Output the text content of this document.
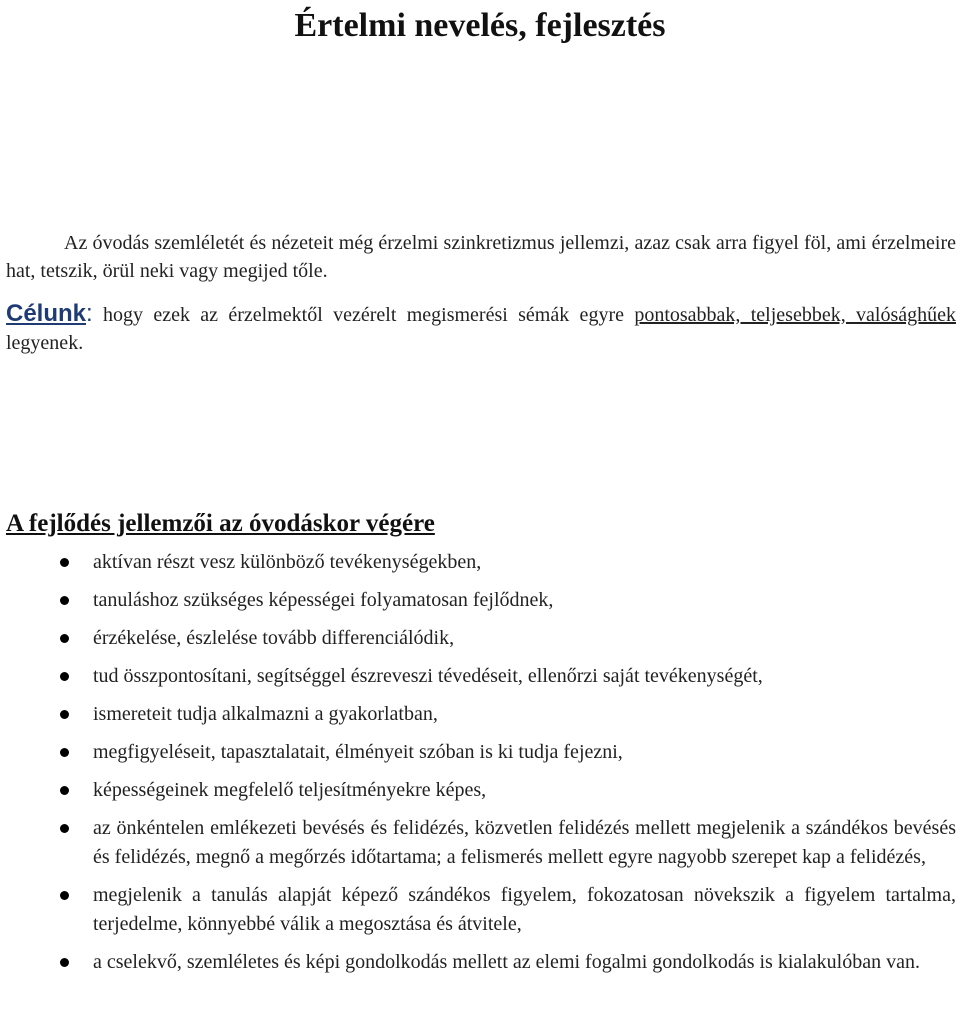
Értelmi nevelés, fejlesztés

Az óvodás szemléletét és nézeteit még érzelmi szinkretizmus jellemzi, azaz csak arra figyel föl, ami érzelmeire hat, tetszik, örül neki vagy megijed tőle.

Célunk: hogy ezek az érzelmektől vezérelt megismerési sémák egyre pontosabbak, teljesebbek, valósághűek legyenek.

A fejlődés jellemzői az óvodáskor végére
aktívan részt vesz különböző tevékenységekben,
tanuláshoz szükséges képességei folyamatosan fejlődnek,
érzékelése, észlelése tovább differenciálódik,
tud összpontosítani, segítséggel észreveszi tévedéseit, ellenőrzi saját tevékenységét,
ismereteit tudja alkalmazni a gyakorlatban,
megfigyeléseit, tapasztalatait, élményeit szóban is ki tudja fejezni,
képességeinek megfelelő teljesítményekre képes,
az önkéntelen emlékezeti bevésés és felidézés, közvetlen felidézés mellett megjelenik a szándékos bevésés és felidézés, megnő a megőrzés időtartama; a felismerés mellett egyre nagyobb szerepet kap a felidézés,
megjelenik a tanulás alapját képező szándékos figyelem, fokozatosan növekszik a figyelem tartalma, terjedelme, könnyebbé válik a megosztása és átvitele,
a cselekvő, szemléletes és képi gondolkodás mellett az elemi fogalmi gondolkodás is kialakulóban van.
